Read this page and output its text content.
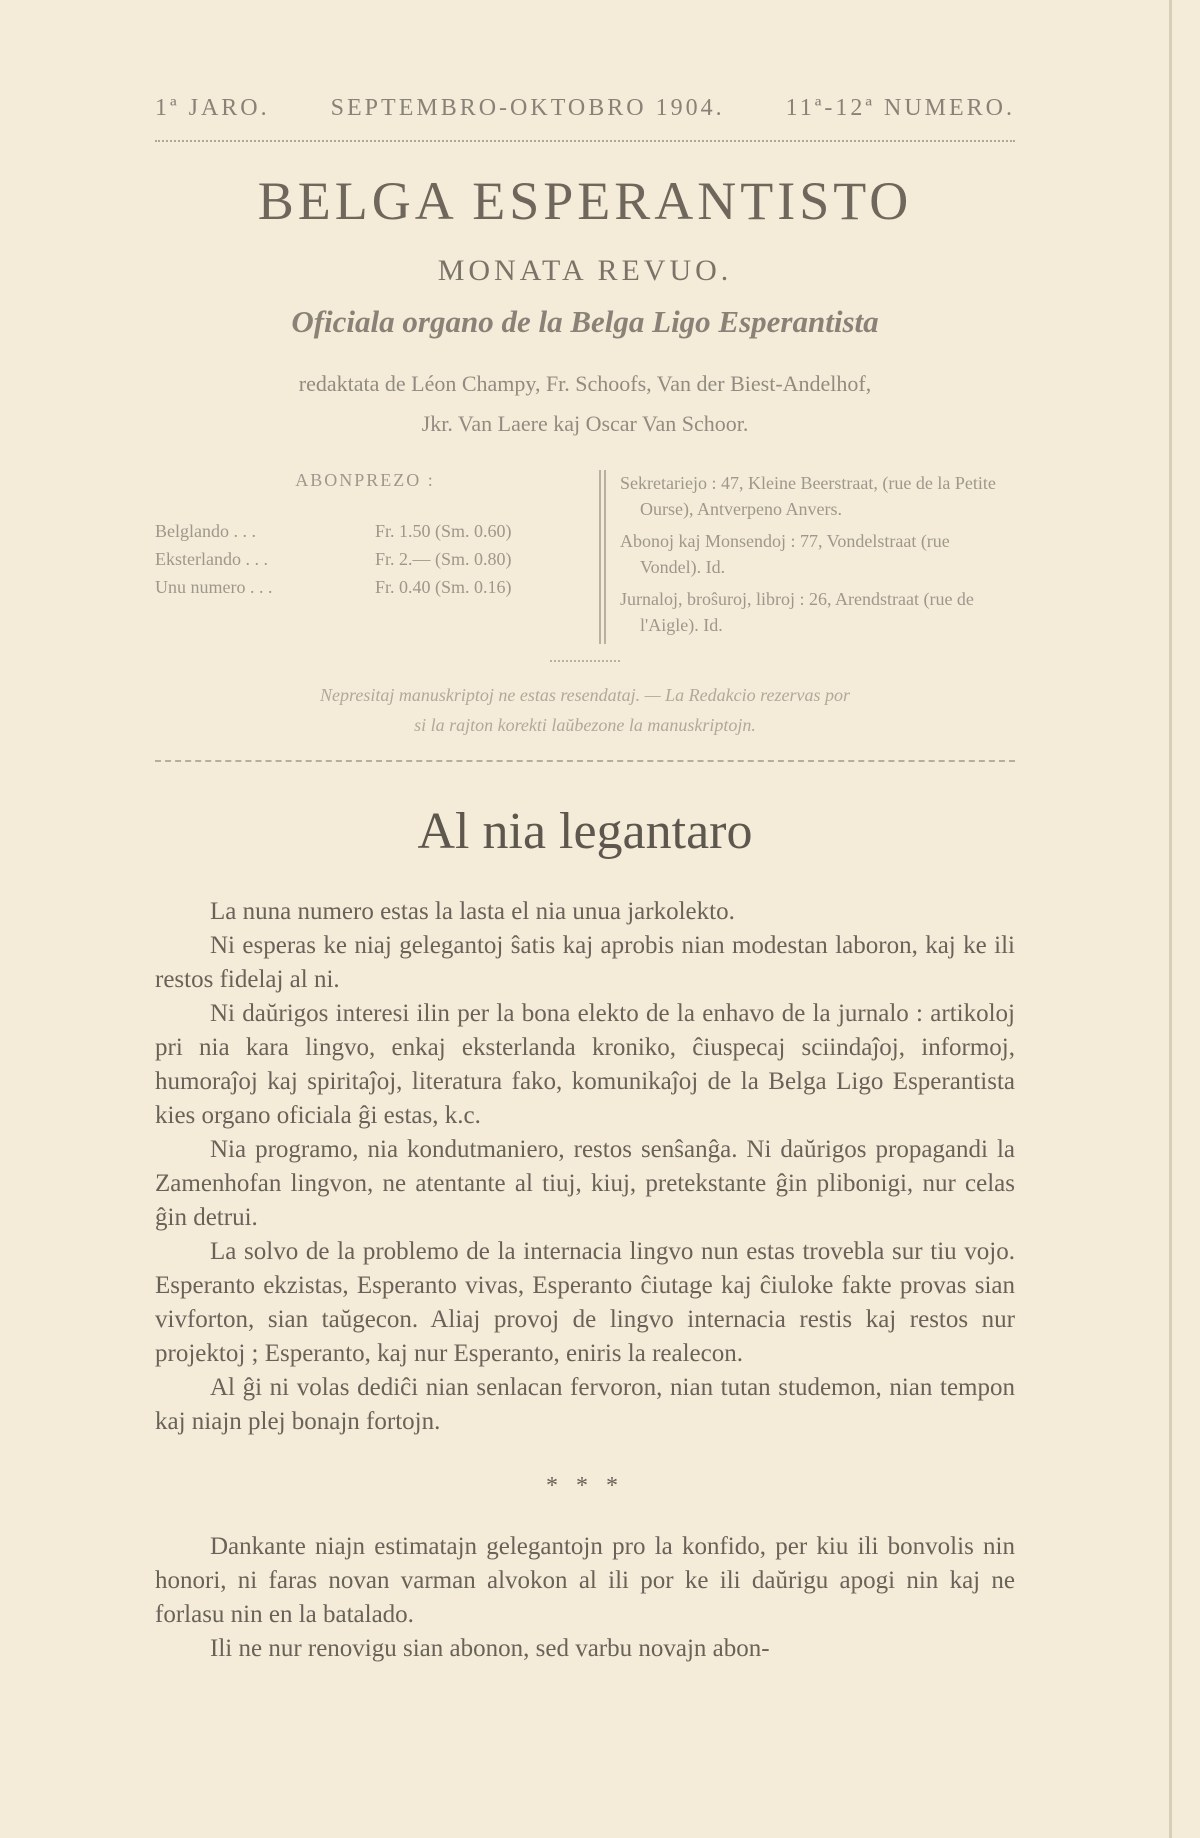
1ª JARO.	SEPTEMBRO-OKTOBRO 1904.	11ª-12ª NUMERO.
BELGA ESPERANTISTO
MONATA REVUO.
Oficiala organo de la Belga Ligo Esperantista
redaktata de Léon Champy, Fr. Schoofs, Van der Biest-Andelhof,
Jkr. Van Laere kaj Oscar Van Schoor.
ABONPREZO :
Belglando . . .	Fr. 1.50 (Sm. 0.60)
Eksterlando . . .	Fr. 2.— (Sm. 0.80)
Unu numero . . .	Fr. 0.40 (Sm. 0.16)

Sekretariejo : 47, Kleine Beerstraat, (rue de la Petite Ourse), Antverpeno Anvers.

Abonoj kaj Monsendoj : 77, Vondelstraat (rue Vondel). Id.

Jurnaloj, broŝuroj, libroj : 26, Arendstraat (rue de l'Aigle). Id.

Nepresitaj manuskriptoj ne estas resendataj. — La Redakcio rezervas por
si la rajton korekti laŭbezone la manuskriptojn.
Al nia legantaro

La nuna numero estas la lasta el nia unua jarkolekto.

Ni esperas ke niaj gelegantoj ŝatis kaj aprobis nian modestan laboron, kaj ke ili restos fidelaj al ni.

Ni daŭrigos interesi ilin per la bona elekto de la enhavo de la jurnalo : artikoloj pri nia kara lingvo, enkaj eksterlanda kroniko, ĉiuspecaj sciindaĵoj, informoj, humoraĵoj kaj spiritaĵoj, literatura fako, komunikaĵoj de la Belga Ligo Esperantista kies organo oficiala ĝi estas, k.c.

Nia programo, nia kondutmaniero, restos senŝanĝa. Ni daŭrigos propagandi la Zamenhofan lingvon, ne atentante al tiuj, kiuj, pretekstante ĝin plibonigi, nur celas ĝin detrui.

La solvo de la problemo de la internacia lingvo nun estas trovebla sur tiu vojo. Esperanto ekzistas, Esperanto vivas, Esperanto ĉiutage kaj ĉiuloke fakte provas sian vivforton, sian taŭgecon. Aliaj provoj de lingvo internacia restis kaj restos nur projektoj ; Esperanto, kaj nur Esperanto, eniris la realecon.

Al ĝi ni volas dediĉi nian senlacan fervoron, nian tutan studemon, nian tempon kaj niajn plej bonajn fortojn.

* * *

Dankante niajn estimatajn gelegantojn pro la konfido, per kiu ili bonvolis nin honori, ni faras novan varman alvokon al ili por ke ili daŭrigu apogi nin kaj ne forlasu nin en la batalado.

Ili ne nur renovigu sian abonon, sed varbu novajn abon-
